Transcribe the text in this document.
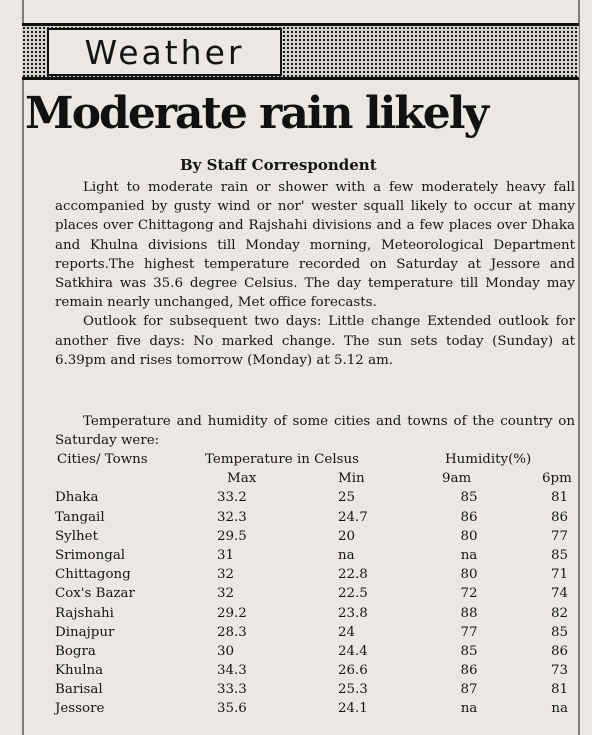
Weather
Moderate rain likely
By Staff Correspondent

Light to moderate rain or shower with a few moderately heavy fall accompanied by gusty wind or nor' wester squall likely to occur at many places over Chittagong and Rajshahi divisions and a few places over Dhaka and Khulna divisions till Monday morning, Meteorological Department reports.The highest temperature recorded on Saturday at Jessore and Satkhira was 35.6 degree Celsius. The day temperature till Monday may remain nearly unchanged, Met office forecasts.

Outlook for subsequent two days: Little change Extended outlook for another five days: No marked change. The sun sets today (Sunday) at 6.39pm and rises tomorrow (Monday) at 5.12 am.

Temperature and humidity of some cities and towns of the country on Saturday were:

Cities/ Towns	Temperature in Celsus	Humidity(%)
Max	Min	9am	6pm
Dhaka	33.2	25	85	81
Tangail	32.3	24.7	86	86
Sylhet	29.5	20	80	77
Srimongal	31	na	na	85
Chittagong	32	22.8	80	71
Cox's Bazar	32	22.5	72	74
Rajshahi	29.2	23.8	88	82
Dinajpur	28.3	24	77	85
Bogra	30	24.4	85	86
Khulna	34.3	26.6	86	73
Barisal	33.3	25.3	87	81
Jessore	35.6	24.1	na	na
